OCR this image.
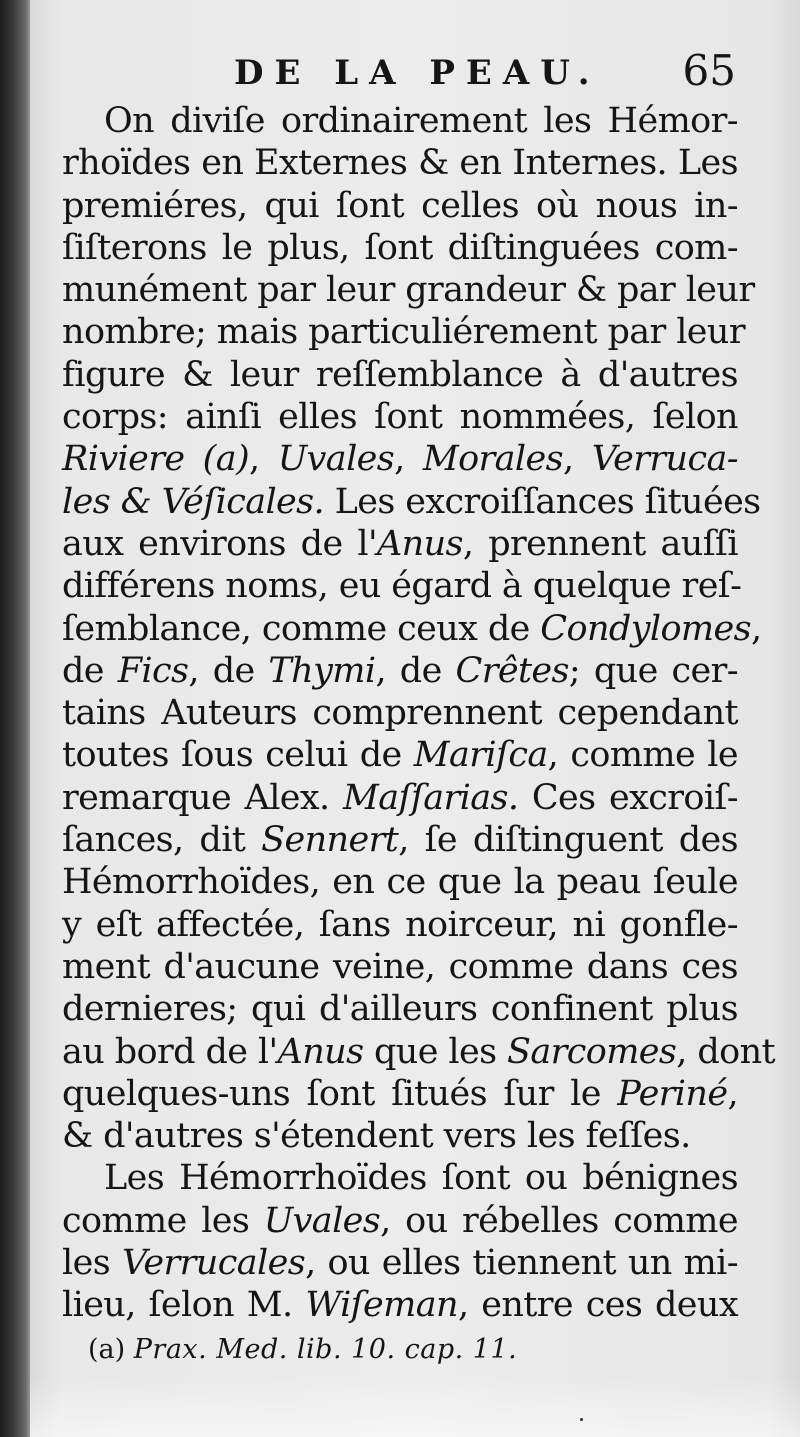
DE LA PEAU. 65
On diviſe ordinairement les Hémor-
rhoïdes en Externes & en Internes. Les
premiéres, qui ſont celles où nous in-
ſiſterons le plus, ſont diſtinguées com-
munément par leur grandeur & par leur
nombre; mais particuliérement par leur
figure & leur reſſemblance à d'autres
corps: ainſi elles ſont nommées, ſelon
Riviere (a), Uvales, Morales, Verruca-
les & Véſicales. Les excroiſſances ſituées
aux environs de l'Anus, prennent auſſi
différens noms, eu égard à quelque reſ-
ſemblance, comme ceux de Condylomes,
de Fics, de Thymi, de Crêtes; que cer-
tains Auteurs comprennent cependant
toutes ſous celui de Mariſca, comme le
remarque Alex. Maſſarias. Ces excroiſ-
ſances, dit Sennert, ſe diſtinguent des
Hémorrhoïdes, en ce que la peau ſeule
y eſt affectée, ſans noirceur, ni gonfle-
ment d'aucune veine, comme dans ces
dernieres; qui d'ailleurs confinent plus
au bord de l'Anus que les Sarcomes, dont
quelques-uns ſont ſitués ſur le Periné,
& d'autres s'étendent vers les feſſes.
Les Hémorrhoïdes ſont ou bénignes
comme les Uvales, ou rébelles comme
les Verrucales, ou elles tiennent un mi-
lieu, ſelon M. Wiſeman, entre ces deux
(a) Prax. Med. lib. 10. cap. 11.
